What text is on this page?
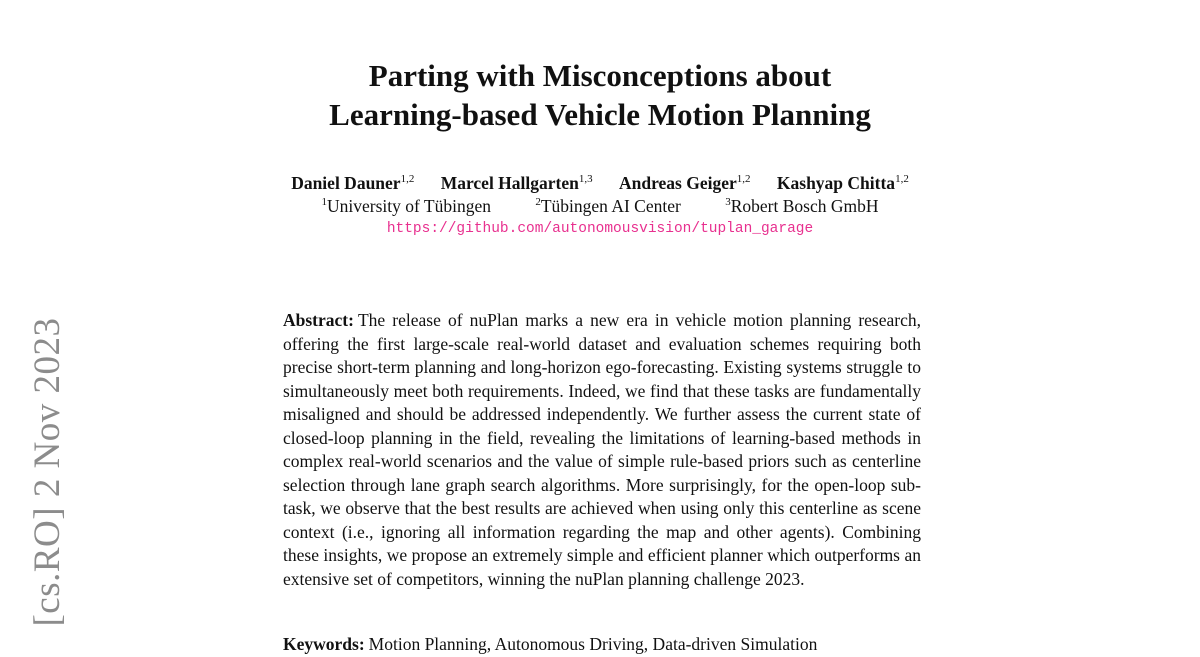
Parting with Misconceptions about
Learning-based Vehicle Motion Planning
Daniel Dauner$^{1,2}$ Marcel Hallgarten$^{1,3}$ Andreas Geiger$^{1,2}$ Kashyap Chitta$^{1,2}$
$^1$University of Tübingen	$^2$Tübingen AI Center	$^3$Robert Bosch GmbH
https://github.com/autonomousvision/tuplan_garage
[cs.RO] 2 Nov 2023	Abstract: The release of nuPlan marks a new era in vehicle motion planning research, offering the first large-scale real-world dataset and evaluation schemes requiring both precise short-term planning and long-horizon ego-forecasting. Existing systems struggle to simultaneously meet both requirements. Indeed, we find that these tasks are fundamentally misaligned and should be addressed independently. We further assess the current state of closed-loop planning in the field, revealing the limitations of learning-based methods in complex real-world scenarios and the value of simple rule-based priors such as centerline selection through lane graph search algorithms. More surprisingly, for the open-loop sub-task, we observe that the best results are achieved when using only this centerline as scene context (i.e., ignoring all information regarding the map and other agents). Combining these insights, we propose an extremely simple and efficient planner which outperforms an extensive set of competitors, winning the nuPlan planning challenge 2023.

Keywords: Motion Planning, Autonomous Driving, Data-driven Simulation
